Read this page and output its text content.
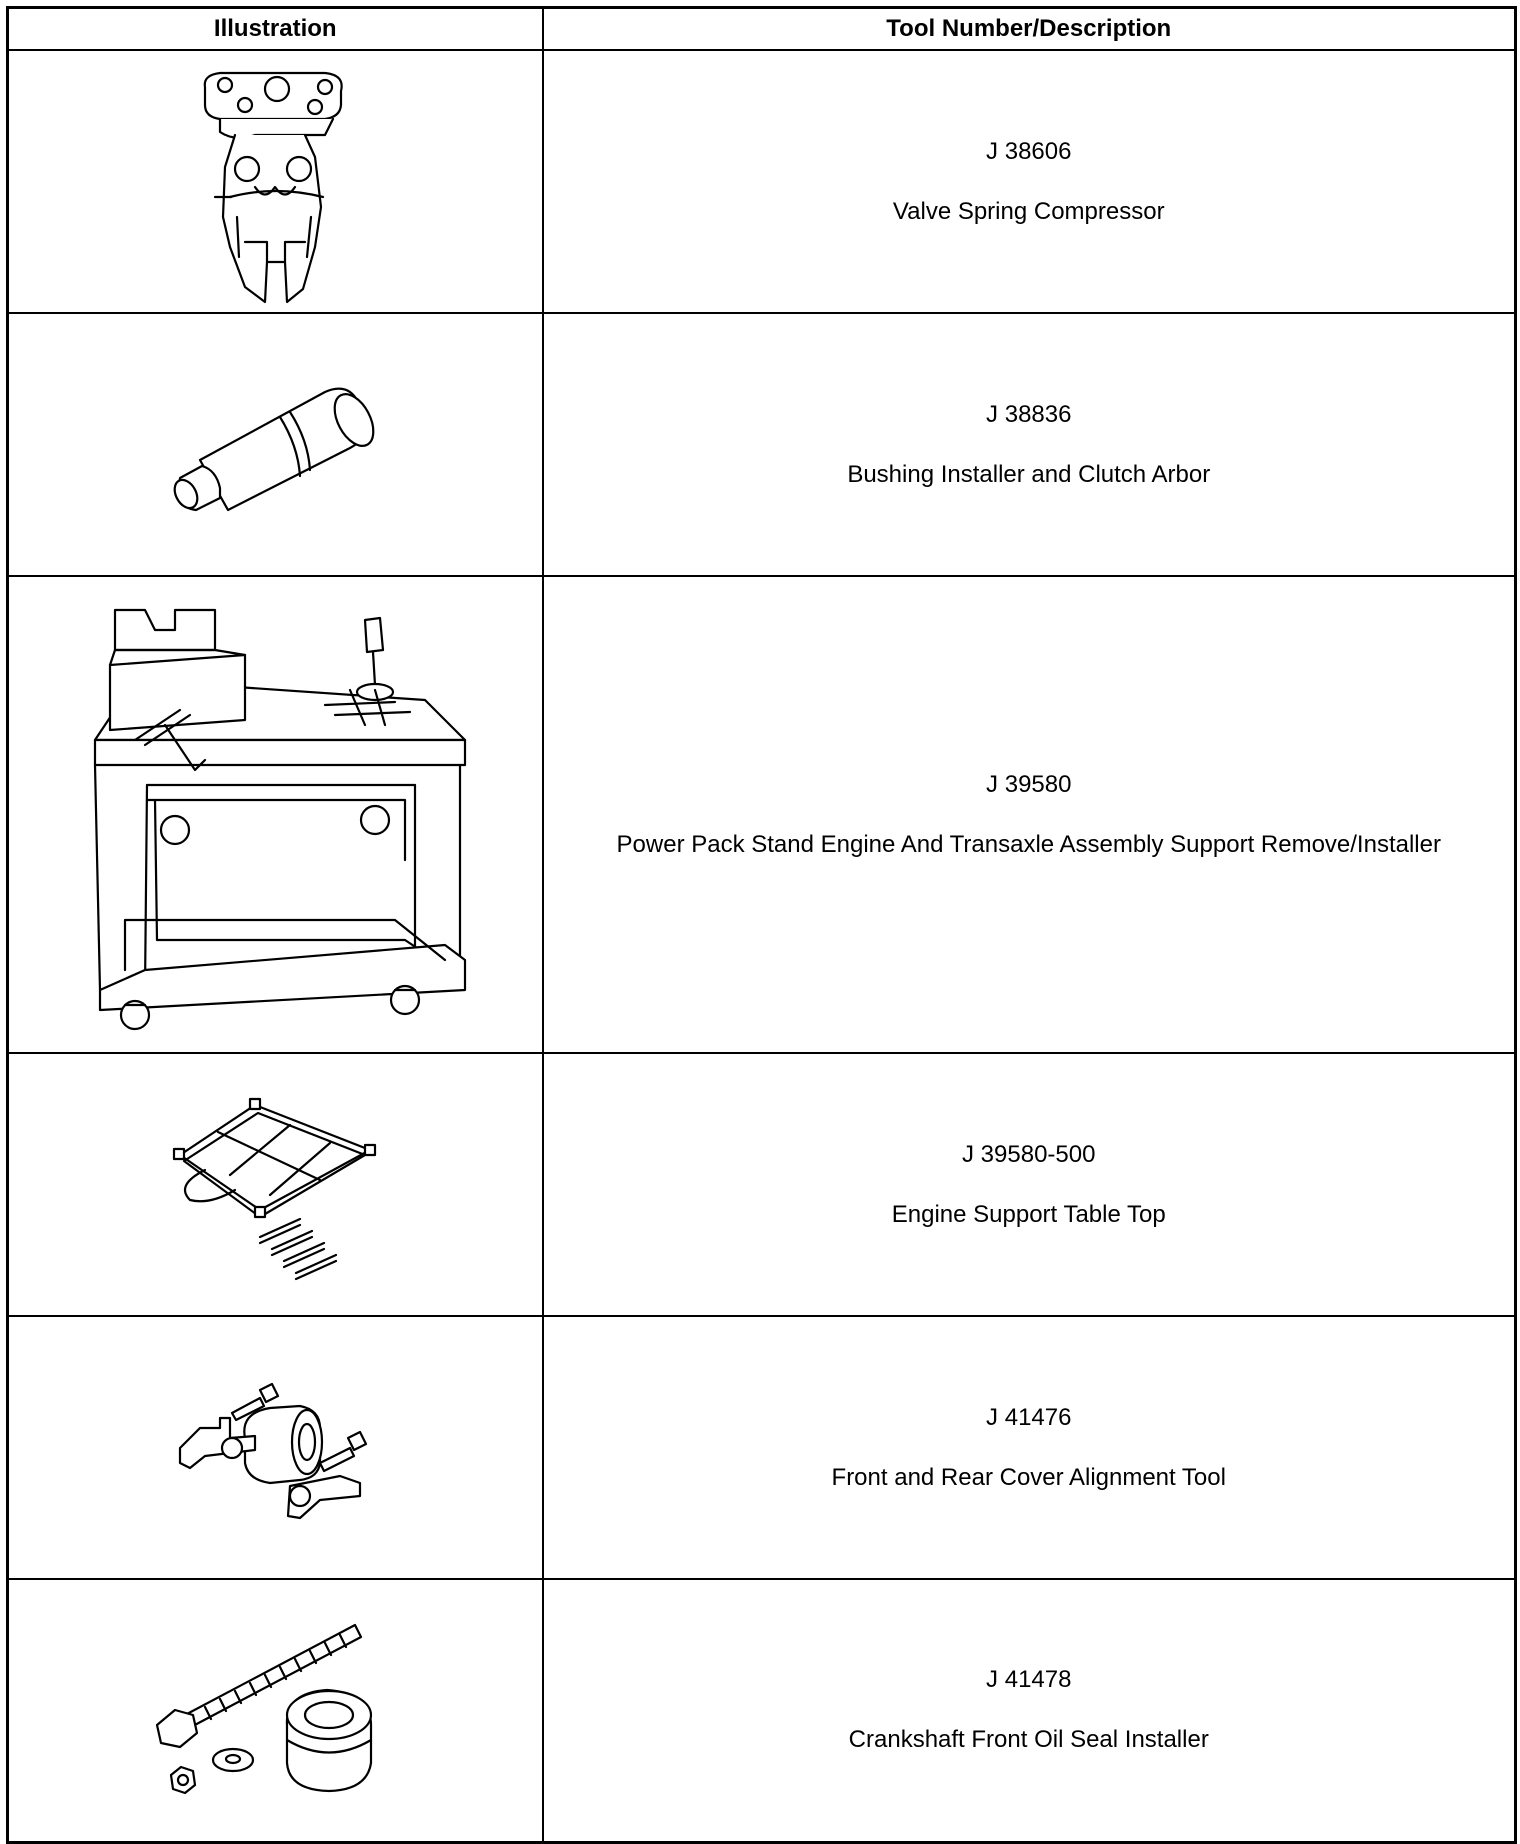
Illustration	Tool Number/Description

J 38606
Valve Spring Compressor

J 38836
Bushing Installer and Clutch Arbor

J 39580
Power Pack Stand Engine And Transaxle Assembly Support Remove/Installer

J 39580-500
Engine Support Table Top

J 41476
Front and Rear Cover Alignment Tool

J 41478
Crankshaft Front Oil Seal Installer
